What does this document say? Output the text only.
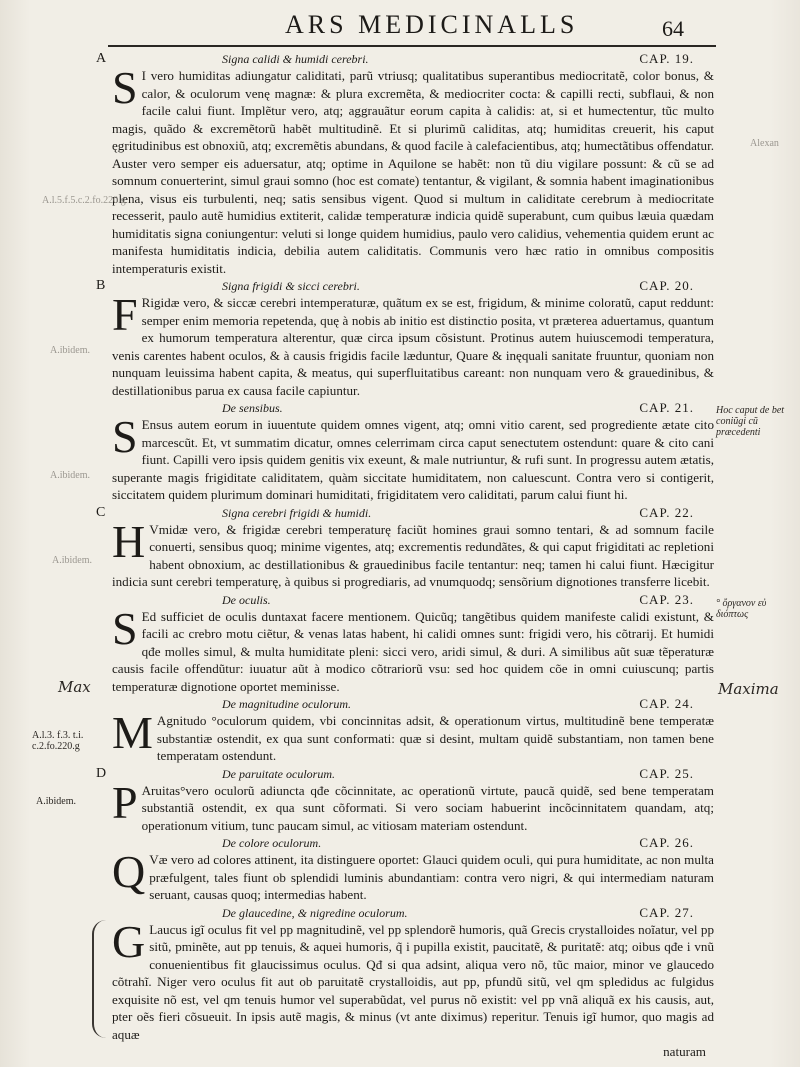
ARS MEDICINALLS	64
A	Signa calidi & humidi cerebri.	CAP. 19.

S I vero humiditas adiungatur caliditati, parũ vtriusq; qualitatibus superantibus mediocritatẽ, color bonus, & calor, & oculorum venę magnæ: & plura excremẽta, & mediocriter cocta: & capilli recti, subflaui, & non facile calui fiunt. Implẽtur vero, atq; aggrauãtur eorum capita à calidis: at, si et humectentur, tũc multo magis, quãdo & excremẽtorũ habẽt multitudinẽ. Et si plurimũ caliditas, atq; humiditas creuerit, his caput ęgritudinibus est obnoxiũ, atq; excremẽtis abundans, & quod facile à calefacientibus, atq; humectãtibus offendatur. Auster vero semper eis aduersatur, atq; optime in Aquilone se habẽt: non tũ diu vigilare possunt: & cũ se ad somnum conuerterint, simul graui somno (hoc est comate) tentantur, & vigilant, & somnia habent imaginationibus plena, visus eis turbulenti, neq; satis sensibus vigent. Quod si multum in caliditate cerebrum à mediocritate recesserit, paulo autẽ humidius extiterit, calidæ temperaturæ indicia quidẽ superabunt, cum quibus læuia quædam humiditatis signa coniungentur: veluti si longe quidem humidius, paulo vero calidius, vehementia quidem erunt ac manifesta humiditatis indicia, debilia autem caliditatis. Communis vero hæc ratio in omnibus compositis intemperaturis existit.

B	Signa frigidi & sicci cerebri.	CAP. 20.

F Rigidæ vero, & siccæ cerebri intemperaturæ, quãtum ex se est, frigidum, & minime coloratũ, caput reddunt: semper enim memoria repetenda, quę à nobis ab initio est distinctio posita, vt præterea aduertamus, quantum ex humorum temperatura alterentur, quæ circa ipsum cõsistunt. Protinus autem huiuscemodi temperatura, venis carentes habent oculos, & à causis frigidis facile læduntur, Quare & inęquali sanitate fruuntur, quoniam non nunquam leuissima habent capita, & meatus, qui superfluitatibus careant: non nunquam vero & grauedinibus, & destillationibus parua ex causa facile capiuntur.

De sensibus.	CAP. 21.

S Ensus autem eorum in iuuentute quidem omnes vigent, atq; omni vitio carent, sed progrediente ætate cito marcescũt. Et, vt summatim dicatur, omnes celerrimam circa caput senectutem ostendunt: quare & cito cani fiunt. Capilli vero ipsis quidem genitis vix exeunt, & male nutriuntur, & rufi sunt. In progressu autem ætatis, superante magis frigiditate caliditatem, quàm siccitate humiditatem, non caluescunt. Contra vero si contigerit, siccitatem quidem plurimum dominari humiditati, frigiditatem vero caliditati, parum calui fiunt hi.

C	Signa cerebri frigidi & humidi.	CAP. 22.

H Vmidæ vero, & frigidæ cerebri temperaturę faciũt homines graui somno tentari, & ad somnum facile conuerti, sensibus quoq; minime vigentes, atq; excrementis redundãtes, & qui caput frigiditati ac repletioni habent obnoxium, ac destillationibus & grauedinibus facile tentantur: neq; tamen hi calui fiunt. Hæcigitur indicia sunt cerebri temperaturę, à quibus si progrediaris, ad vnumquodq; sensõrium dignotiones transferre licebit.

De oculis.	CAP. 23.

S Ed sufficiet de oculis duntaxat facere mentionem. Quicũq; tangẽtibus quidem manifeste calidi existunt, & facili ac crebro motu ciẽtur, & venas latas habent, hi calidi omnes sunt: frigidi vero, his cõtrarij. Et humidi qđe molles simul, & multa humiditate pleni: sicci vero, aridi simul, & duri. A similibus aũt suæ tẽperaturæ causis facile offendũtur: iuuatur aũt à modico cõtrariorũ vsu: sed hoc quidem cõe in omni cuiuscunq; partis temperaturæ dignotione oportet meminisse.

De magnitudine oculorum.	CAP. 24.

M Agnitudo °oculorum quidem, vbi concinnitas adsit, & operationum virtus, multitudinẽ bene temperatæ substantiæ ostendit, ex qua sunt conformati: quæ si desint, multam quidẽ substantiam, non tamen bene temperatam ostendunt.

D	De paruitate oculorum.	CAP. 25.

P Aruitas°vero oculorũ adiuncta qđe cõcinnitate, ac operationũ virtute, paucã quidẽ, sed bene temperatam substantiã ostendit, ex qua sunt cõformati. Si vero sociam habuerint incõcinnitatem quandam, atq; operationum vitium, tunc paucam simul, ac vitiosam materiam ostendunt.

De colore oculorum.	CAP. 26.

Q Væ vero ad colores attinent, ita distinguere oportet: Glauci quidem oculi, qui pura humiditate, ac non multa præfulgent, tales fiunt ob splendidi luminis abundantiam: contra vero nigri, & qui intermediam naturam seruant, causas quoq; intermedias habent.

De glaucedine, & nigredine oculorum.	CAP. 27.

G Laucus igĩ oculus fit vel pp magnitudinẽ, vel pp splendorẽ humoris, quã Grecis crystalloides noĩatur, vel pp sitũ, pminẽte, aut pp tenuis, & aquei humoris, q̃ i pupilla existit, paucitatẽ, & puritatẽ: atq; oibus qđe i vnũ conuenientibus fit glaucissimus oculus. Qđ si qua adsint, aliqua vero nõ, tũc maior, minor ve glaucedo cõtrahĩ. Niger vero oculus fit aut ob paruitatẽ crystalloidis, aut pp, pfundũ sitũ, vel qm spledidus ac fulgidus exquisite nõ est, vel qm tenuis humor vel superabũdat, vel purus nõ existit: vel pp vnã aliquã ex his causis, aut, pter oẽs fieri cõsueuit. In ipsis autẽ magis, & minus (vt ante diximus) reperitur. Tenuis igĩ humor, quo magis ad aquæ

naturam
Alexan
A.l.5.f.5.c.2.fo.220.g
A.ibidem.
Hoc caput de bet coniũgi cũ præcedenti
A.ibidem.
A.ibidem.
° ὄργανον εὐ διόπτως
Max	Maxima
A.l.3. f.3. t.i. c.2.fo.220.g
A.ibidem.
